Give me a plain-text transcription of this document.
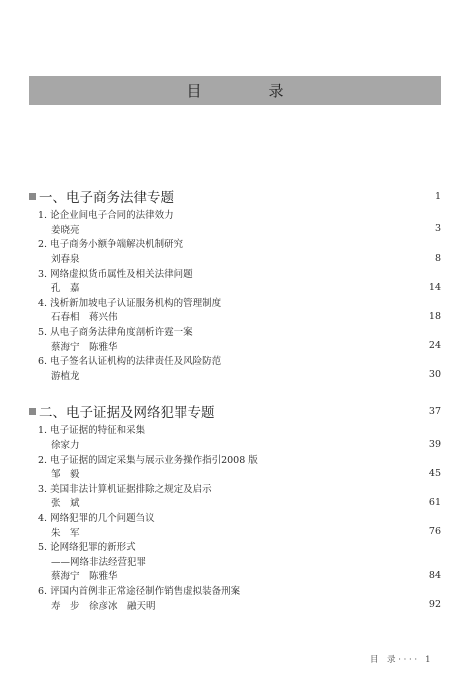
目　录
一、电子商务法律专题	1
1. 论企业间电子合同的法律效力
姜晓亮	3
2. 电子商务小额争端解决机制研究
刘春泉	8
3. 网络虚拟货币属性及相关法律问题
孔　嘉	14
4. 浅析新加坡电子认证服务机构的管理制度
石春相　蒋兴伟	18
5. 从电子商务法律角度剖析许霆一案
蔡海宁　陈雅华	24
6. 电子签名认证机构的法律责任及风险防范
游植龙	30
二、电子证据及网络犯罪专题	37
1. 电子证据的特征和采集
徐家力	39
2. 电子证据的固定采集与展示业务操作指引2008 版
邹　毅	45
3. 美国非法计算机证据排除之规定及启示
张　斌	61
4. 网络犯罪的几个问题刍议
朱　军	76
5. 论网络犯罪的新形式
——网络非法经营犯罪
蔡海宁　陈雅华	84
6. 评国内首例非正常途径制作销售虚拟装备刑案
寿　步　徐彦冰　融天明	92
目　录 · · · · 1
